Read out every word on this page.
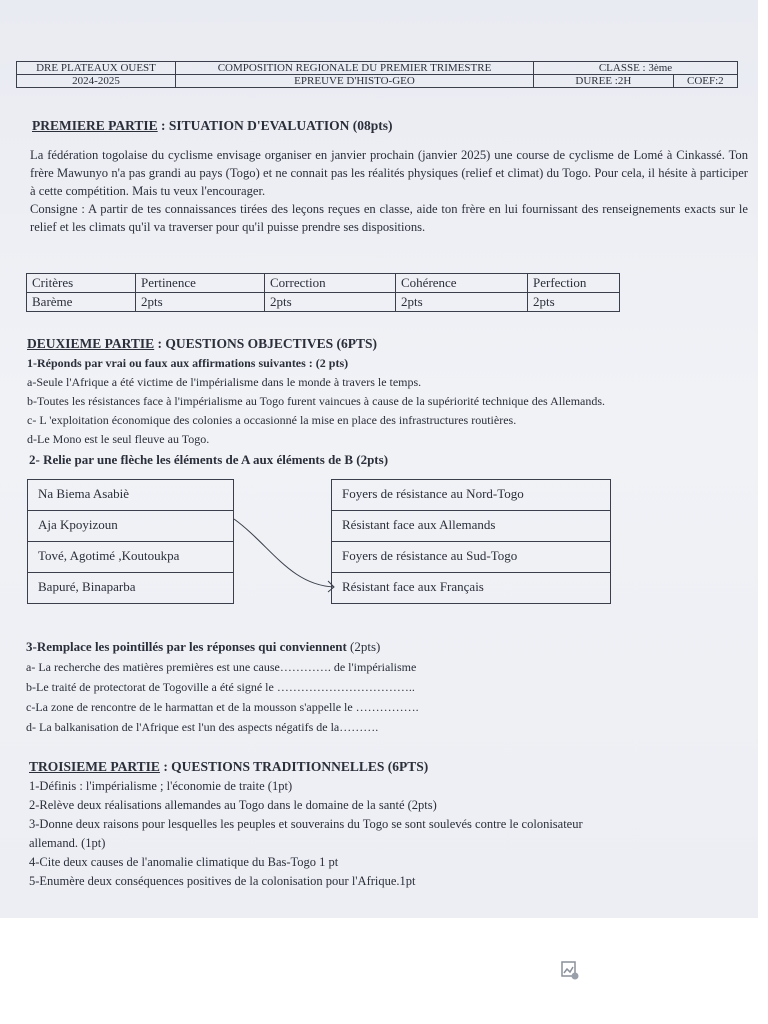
DRE PLATEAUX OUEST	COMPOSITION REGIONALE DU PREMIER TRIMESTRE	CLASSE : 3ème	
2024-2025	EPREUVE D'HISTO-GEO	DUREE :2H	COEF:2
PREMIERE PARTIE : SITUATION D'EVALUATION (08pts)

La fédération togolaise du cyclisme envisage organiser en janvier prochain (janvier 2025) une course de cyclisme de Lomé à Cinkassé. Ton frère Mawunyo n'a pas grandi au pays (Togo) et ne connait pas les réalités physiques (relief et climat) du Togo. Pour cela, il hésite à participer à cette compétition. Mais tu veux l'encourager.

Consigne : A partir de tes connaissances tirées des leçons reçues en classe, aide ton frère en lui fournissant des renseignements exacts sur le relief et les climats qu'il va traverser pour qu'il puisse prendre ses dispositions.

Critères	Pertinence	Correction	Cohérence	Perfection
Barème	2pts	2pts	2pts	2pts
DEUXIEME PARTIE : QUESTIONS OBJECTIVES (6PTS)
1-Réponds par vrai ou faux aux affirmations suivantes : (2 pts)
a-Seule l'Afrique a été victime de l'impérialisme dans le monde à travers le temps.
b-Toutes les résistances face à l'impérialisme au Togo furent vaincues à cause de la supériorité technique des Allemands.
c- L 'exploitation économique des colonies a occasionné la mise en place des infrastructures routières.
d-Le Mono est le seul fleuve au Togo.
2- Relie par une flèche les éléments de A aux éléments de B (2pts)
Na Biema Asabiè
Aja Kpoyizoun
Tové, Agotimé ,Koutoukpa
Bapuré, Binaparba
Foyers de résistance au Nord-Togo
Résistant face aux Allemands
Foyers de résistance au Sud-Togo
Résistant face aux Français
3-Remplace les pointillés par les réponses qui conviennent (2pts)
a- La recherche des matières premières est une cause…………. de l'impérialisme
b-Le traité de protectorat de Togoville a été signé le ……………………………..
c-La zone de rencontre de le harmattan et de la mousson s'appelle le …………….
d- La balkanisation de l'Afrique est l'un des aspects négatifs de la……….
TROISIEME PARTIE : QUESTIONS TRADITIONNELLES (6PTS)
1-Définis : l'impérialisme ; l'économie de traite (1pt)
2-Relève deux réalisations allemandes au Togo dans le domaine de la santé (2pts)
3-Donne deux raisons pour lesquelles les peuples et souverains du Togo se sont soulevés contre le colonisateur
allemand. (1pt)
4-Cite deux causes de l'anomalie climatique du Bas-Togo 1 pt
5-Enumère deux conséquences positives de la colonisation pour l'Afrique.1pt
